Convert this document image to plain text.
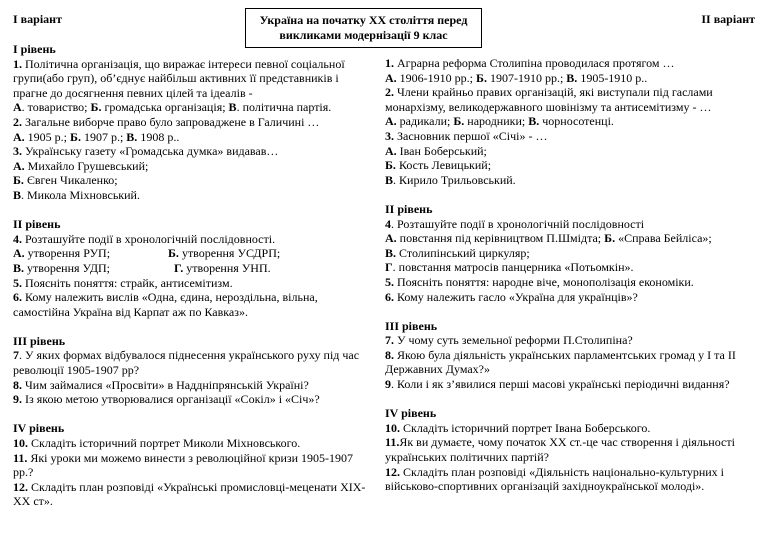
І варіант	ІІ варіант
Україна на початку XX століття перед
викликами модернізації 9 клас
І рівень
1. Політична організація, що виражає інтереси певної соціальної групи(або груп), об’єднує найбільш активних її представників і прагне до досягнення певних цілей та ідеалів -
А. товариство; Б. громадська організація; В. політична партія.
2. Загальне виборче право було запроваджене в Галичині …
А. 1905 р.; Б. 1907 р.; В. 1908 р..
3. Українську газету «Громадська думка» видавав…
А. Михайло Грушевський;
Б. Євген Чикаленко;
В. Микола Міхновський.
ІІ рівень
4. Розташуйте події в хронологічній послідовності.
А. утворення РУП;	Б. утворення УСДРП;
В. утворення УДП;	Г. утворення УНП.
5. Поясніть поняття: страйк, антисемітизм.
6. Кому належить вислів «Одна, єдина, нероздільна, вільна, самостійна Україна від Карпат аж по Кавказ».
ІІІ рівень
7. У яких формах відбувалося піднесення українського руху під час революції 1905-1907 рр?
8. Чим займалися «Просвіти» в Наддніпрянській Україні?
9. Із якою метою утворювалися організації «Сокіл» і «Січ»?
ІV рівень
10. Складіть історичний портрет Миколи Міхновського.
11. Які уроки ми можемо винести з революційної кризи 1905-1907 рр.?
12. Складіть план розповіді «Українські промисловці-меценати XIX-XX ст».
1. Аграрна реформа Столипіна проводилася протягом …
А. 1906-1910 рр.; Б. 1907-1910 рр.; В. 1905-1910 р..
2. Члени крайньо правих організацій, які виступали під гаслами монархізму, великодержавного шовінізму та антисемітизму - …
А. радикали; Б. народники; В. чорносотенці.
3. Засновник першої «Січі» - …
А. Іван Боберський;
Б. Кость Левицький;
В. Кирило Трильовський.
ІІ рівень
4. Розташуйте події в хронологічній послідовності
А. повстання під керівництвом П.Шмідта; Б. «Справа Бейліса»;
В. Столипінський циркуляр;
Г. повстання матросів панцерника «Потьомкін».
5. Поясніть поняття: народне віче, монополізація економіки.
6. Кому належить гасло «Україна для українців»?
ІІІ рівень
7. У чому суть земельної реформи П.Столипіна?
8. Якою була діяльність українських парламентських громад у І та ІІ Державних Думах?»
9. Коли і як з’явилися перші масові українські періодичні видання?
ІV рівень
10. Складіть історичний портрет Івана Боберського.
11.Як ви думаєте, чому початок XX ст.-це час створення і діяльності українських політичних партій?
12. Складіть план розповіді «Діяльність національно-культурних і військово-спортивних організацій західноукраїнської молоді».
